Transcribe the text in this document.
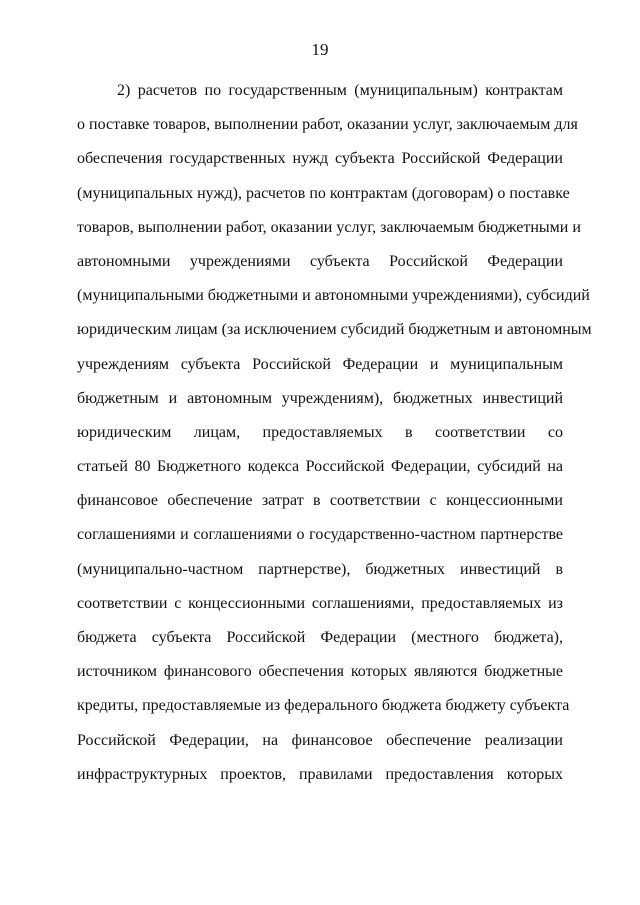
19
2) расчетов по государственным (муниципальным) контрактам
о поставке товаров, выполнении работ, оказании услуг, заключаемым для
обеспечения государственных нужд субъекта Российской Федерации
(муниципальных нужд), расчетов по контрактам (договорам) о поставке
товаров, выполнении работ, оказании услуг, заключаемым бюджетными и
автономными учреждениями субъекта Российской Федерации
(муниципальными бюджетными и автономными учреждениями), субсидий
юридическим лицам (за исключением субсидий бюджетным и автономным
учреждениям субъекта Российской Федерации и муниципальным
бюджетным и автономным учреждениям), бюджетных инвестиций
юридическим лицам, предоставляемых в соответствии со
статьей 80 Бюджетного кодекса Российской Федерации, субсидий на
финансовое обеспечение затрат в соответствии с концессионными
соглашениями и соглашениями о государственно-частном партнерстве
(муниципально-частном партнерстве), бюджетных инвестиций в
соответствии с концессионными соглашениями, предоставляемых из
бюджета субъекта Российской Федерации (местного бюджета),
источником финансового обеспечения которых являются бюджетные
кредиты, предоставляемые из федерального бюджета бюджету субъекта
Российской Федерации, на финансовое обеспечение реализации
инфраструктурных проектов, правилами предоставления которых
